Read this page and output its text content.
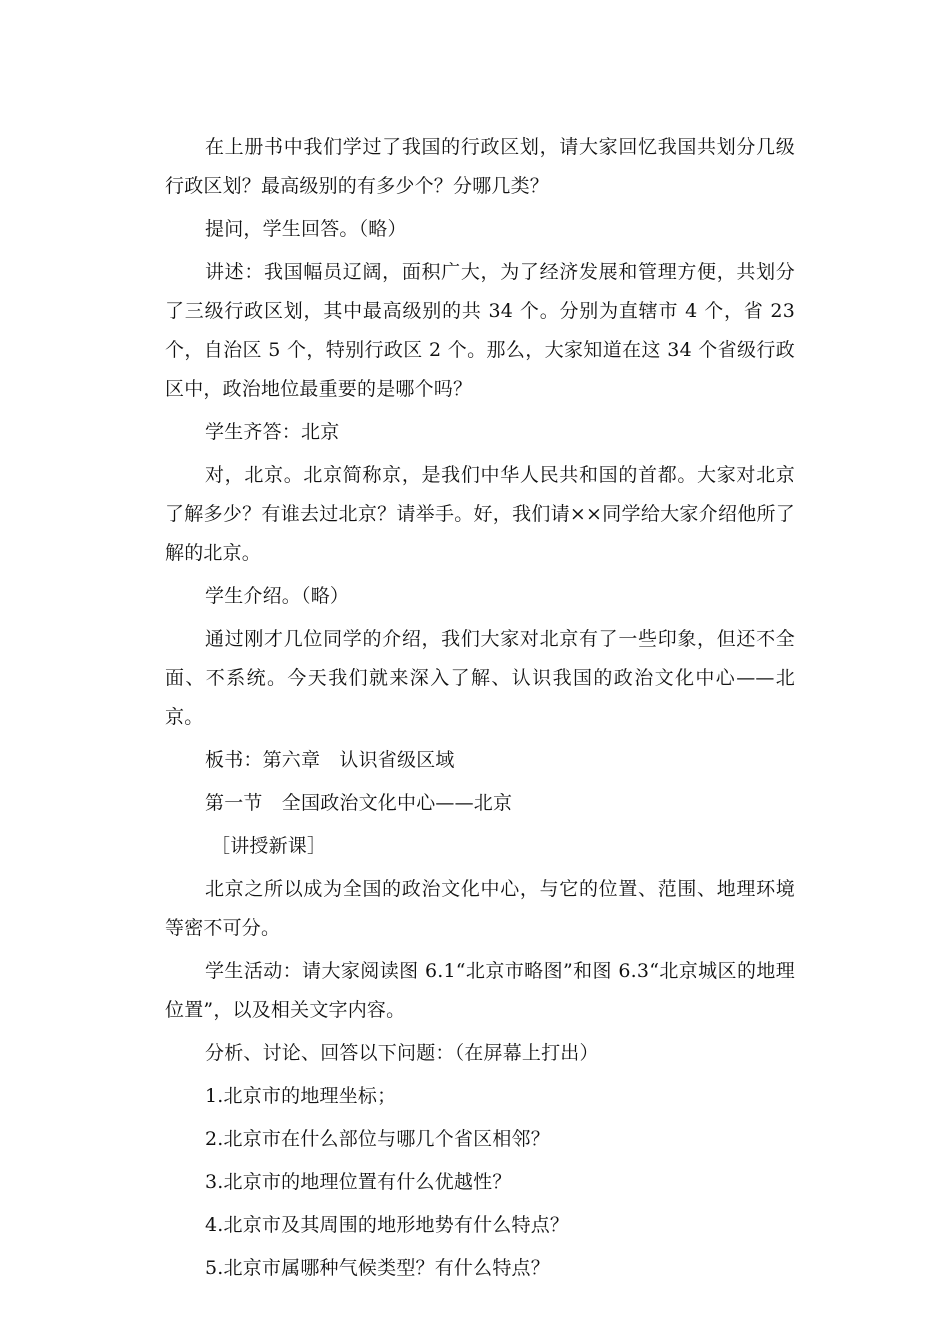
在上册书中我们学过了我国的行政区划，请大家回忆我国共划分几级行政区划？最高级别的有多少个？分哪几类？

提问，学生回答。（略）

讲述：我国幅员辽阔，面积广大，为了经济发展和管理方便，共划分了三级行政区划，其中最高级别的共 34 个。分别为直辖市 4 个，省 23 个，自治区 5 个，特别行政区 2 个。那么，大家知道在这 34 个省级行政区中，政治地位最重要的是哪个吗？

学生齐答：北京

对，北京。北京简称京，是我们中华人民共和国的首都。大家对北京了解多少？有谁去过北京？请举手。好，我们请××同学给大家介绍他所了解的北京。

学生介绍。（略）

通过刚才几位同学的介绍，我们大家对北京有了一些印象，但还不全面、不系统。今天我们就来深入了解、认识我国的政治文化中心——北京。

板书：第六章　认识省级区域

第一节　全国政治文化中心——北京

［讲授新课］

北京之所以成为全国的政治文化中心，与它的位置、范围、地理环境等密不可分。

学生活动：请大家阅读图 6.1“北京市略图”和图 6.3“北京城区的地理位置”，以及相关文字内容。

分析、讨论、回答以下问题：（在屏幕上打出）

1.北京市的地理坐标；

2.北京市在什么部位与哪几个省区相邻？

3.北京市的地理位置有什么优越性？

4.北京市及其周围的地形地势有什么特点？

5.北京市属哪种气候类型？有什么特点？
